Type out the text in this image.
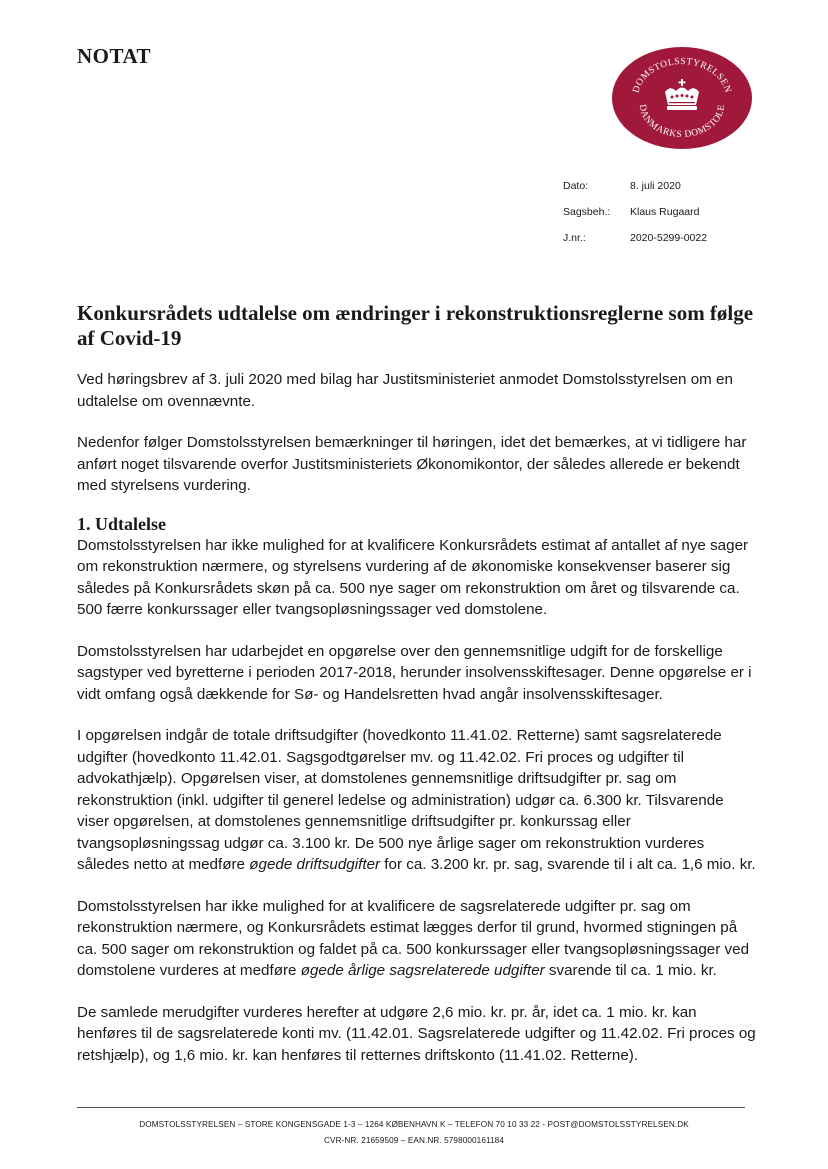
NOTAT
DOMSTOLSSTYRELSEN
DANMARKS DOMSTOLE
Dato:	8. juli 2020
Sagsbeh.:	Klaus Rugaard
J.nr.:	2020-5299-0022
Konkursrådets udtalelse om ændringer i rekonstruktionsreglerne som følge af Covid-19

Ved høringsbrev af 3. juli 2020 med bilag har Justitsministeriet anmodet Domstolsstyrelsen om en udtalelse om ovennævnte.

Nedenfor følger Domstolsstyrelsen bemærkninger til høringen, idet det bemærkes, at vi tidligere har anført noget tilsvarende overfor Justitsministeriets Økonomikontor, der således allerede er bekendt med styrelsens vurdering.

1. Udtalelse

Domstolsstyrelsen har ikke mulighed for at kvalificere Konkursrådets estimat af antallet af nye sager om rekonstruktion nærmere, og styrelsens vurdering af de økonomiske konsekvenser baserer sig således på Konkursrådets skøn på ca. 500 nye sager om rekonstruktion om året og tilsvarende ca. 500 færre konkurssager eller tvangsopløsningssager ved domstolene.

Domstolsstyrelsen har udarbejdet en opgørelse over den gennemsnitlige udgift for de forskellige sagstyper ved byretterne i perioden 2017-2018, herunder insolvensskiftesager. Denne opgørelse er i vidt omfang også dækkende for Sø- og Handelsretten hvad angår insolvensskiftesager.

I opgørelsen indgår de totale driftsudgifter (hovedkonto 11.41.02. Retterne) samt sagsrelaterede udgifter (hovedkonto 11.42.01. Sagsgodtgørelser mv. og 11.42.02. Fri proces og udgifter til advokathjælp). Opgørelsen viser, at domstolenes gennemsnitlige driftsudgifter pr. sag om rekonstruktion (inkl. udgifter til generel ledelse og administration) udgør ca. 6.300 kr. Tilsvarende viser opgørelsen, at domstolenes gennemsnitlige driftsudgifter pr. konkurssag eller tvangsopløsningssag udgør ca. 3.100 kr. De 500 nye årlige sager om rekonstruktion vurderes således netto at medføre øgede driftsudgifter for ca. 3.200 kr. pr. sag, svarende til i alt ca. 1,6 mio. kr.

Domstolsstyrelsen har ikke mulighed for at kvalificere de sagsrelaterede udgifter pr. sag om rekonstruktion nærmere, og Konkursrådets estimat lægges derfor til grund, hvormed stigningen på ca. 500 sager om rekonstruktion og faldet på ca. 500 konkurssager eller tvangsopløsningssager ved domstolene vurderes at medføre øgede årlige sagsrelaterede udgifter svarende til ca. 1 mio. kr.

De samlede merudgifter vurderes herefter at udgøre 2,6 mio. kr. pr. år, idet ca. 1 mio. kr. kan henføres til de sagsrelaterede konti mv. (11.42.01. Sagsrelaterede udgifter og 11.42.02. Fri proces og retshjælp), og 1,6 mio. kr. kan henføres til retternes driftskonto (11.41.02. Retterne).

DOMSTOLSSTYRELSEN – STORE KONGENSGADE 1-3 – 1264 KØBENHAVN K – TELEFON 70 10 33 22 - POST@DOMSTOLSSTYRELSEN.DK
CVR-NR. 21659509 – EAN.NR. 5798000161184
